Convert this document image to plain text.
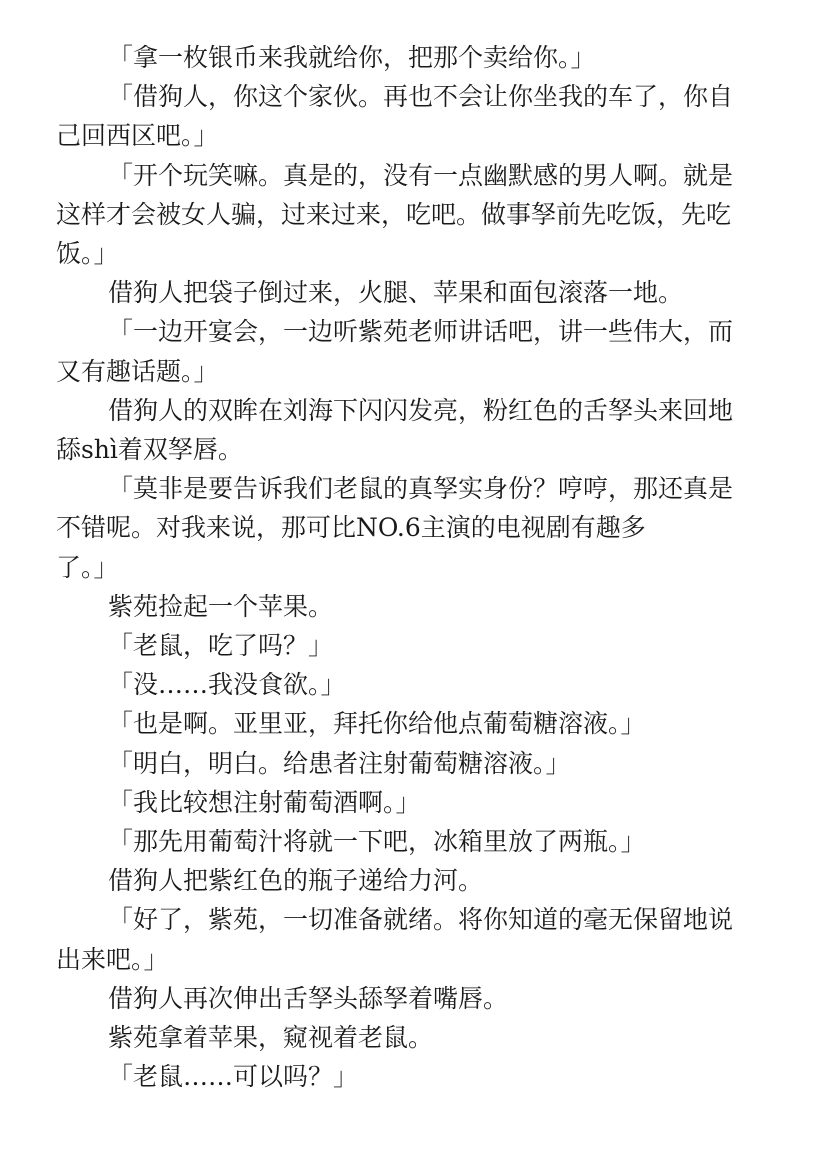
「拿一枚银币来我就给你，把那个卖给你。」

「借狗人，你这个家伙。再也不会让你坐我的车了，你自己回西区吧。」

「开个玩笑嘛。真是的，没有一点幽默感的男人啊。就是这样才会被女人骗，过来过来，吃吧。做事孥前先吃饭，先吃饭。」

借狗人把袋子倒过来，火腿、苹果和面包滚落一地。

「一边开宴会，一边听紫苑老师讲话吧，讲一些伟大，而又有趣话题。」

借狗人的双眸在刘海下闪闪发亮，粉红色的舌孥头来回地舔shì着双孥唇。

「莫非是要告诉我们老鼠的真孥实身份？哼哼，那还真是不错呢。对我来说，那可比NO.6主演的电视剧有趣多
了。」

紫苑捡起一个苹果。

「老鼠，吃了吗？」

「没……我没食欲。」

「也是啊。亚里亚，拜托你给他点葡萄糖溶液。」

「明白，明白。给患者注射葡萄糖溶液。」

「我比较想注射葡萄酒啊。」

「那先用葡萄汁将就一下吧，冰箱里放了两瓶。」

借狗人把紫红色的瓶子递给力河。

「好了，紫苑，一切准备就绪。将你知道的毫无保留地说出来吧。」

借狗人再次伸出舌孥头舔孥着嘴唇。

紫苑拿着苹果，窥视着老鼠。

「老鼠……可以吗？」
